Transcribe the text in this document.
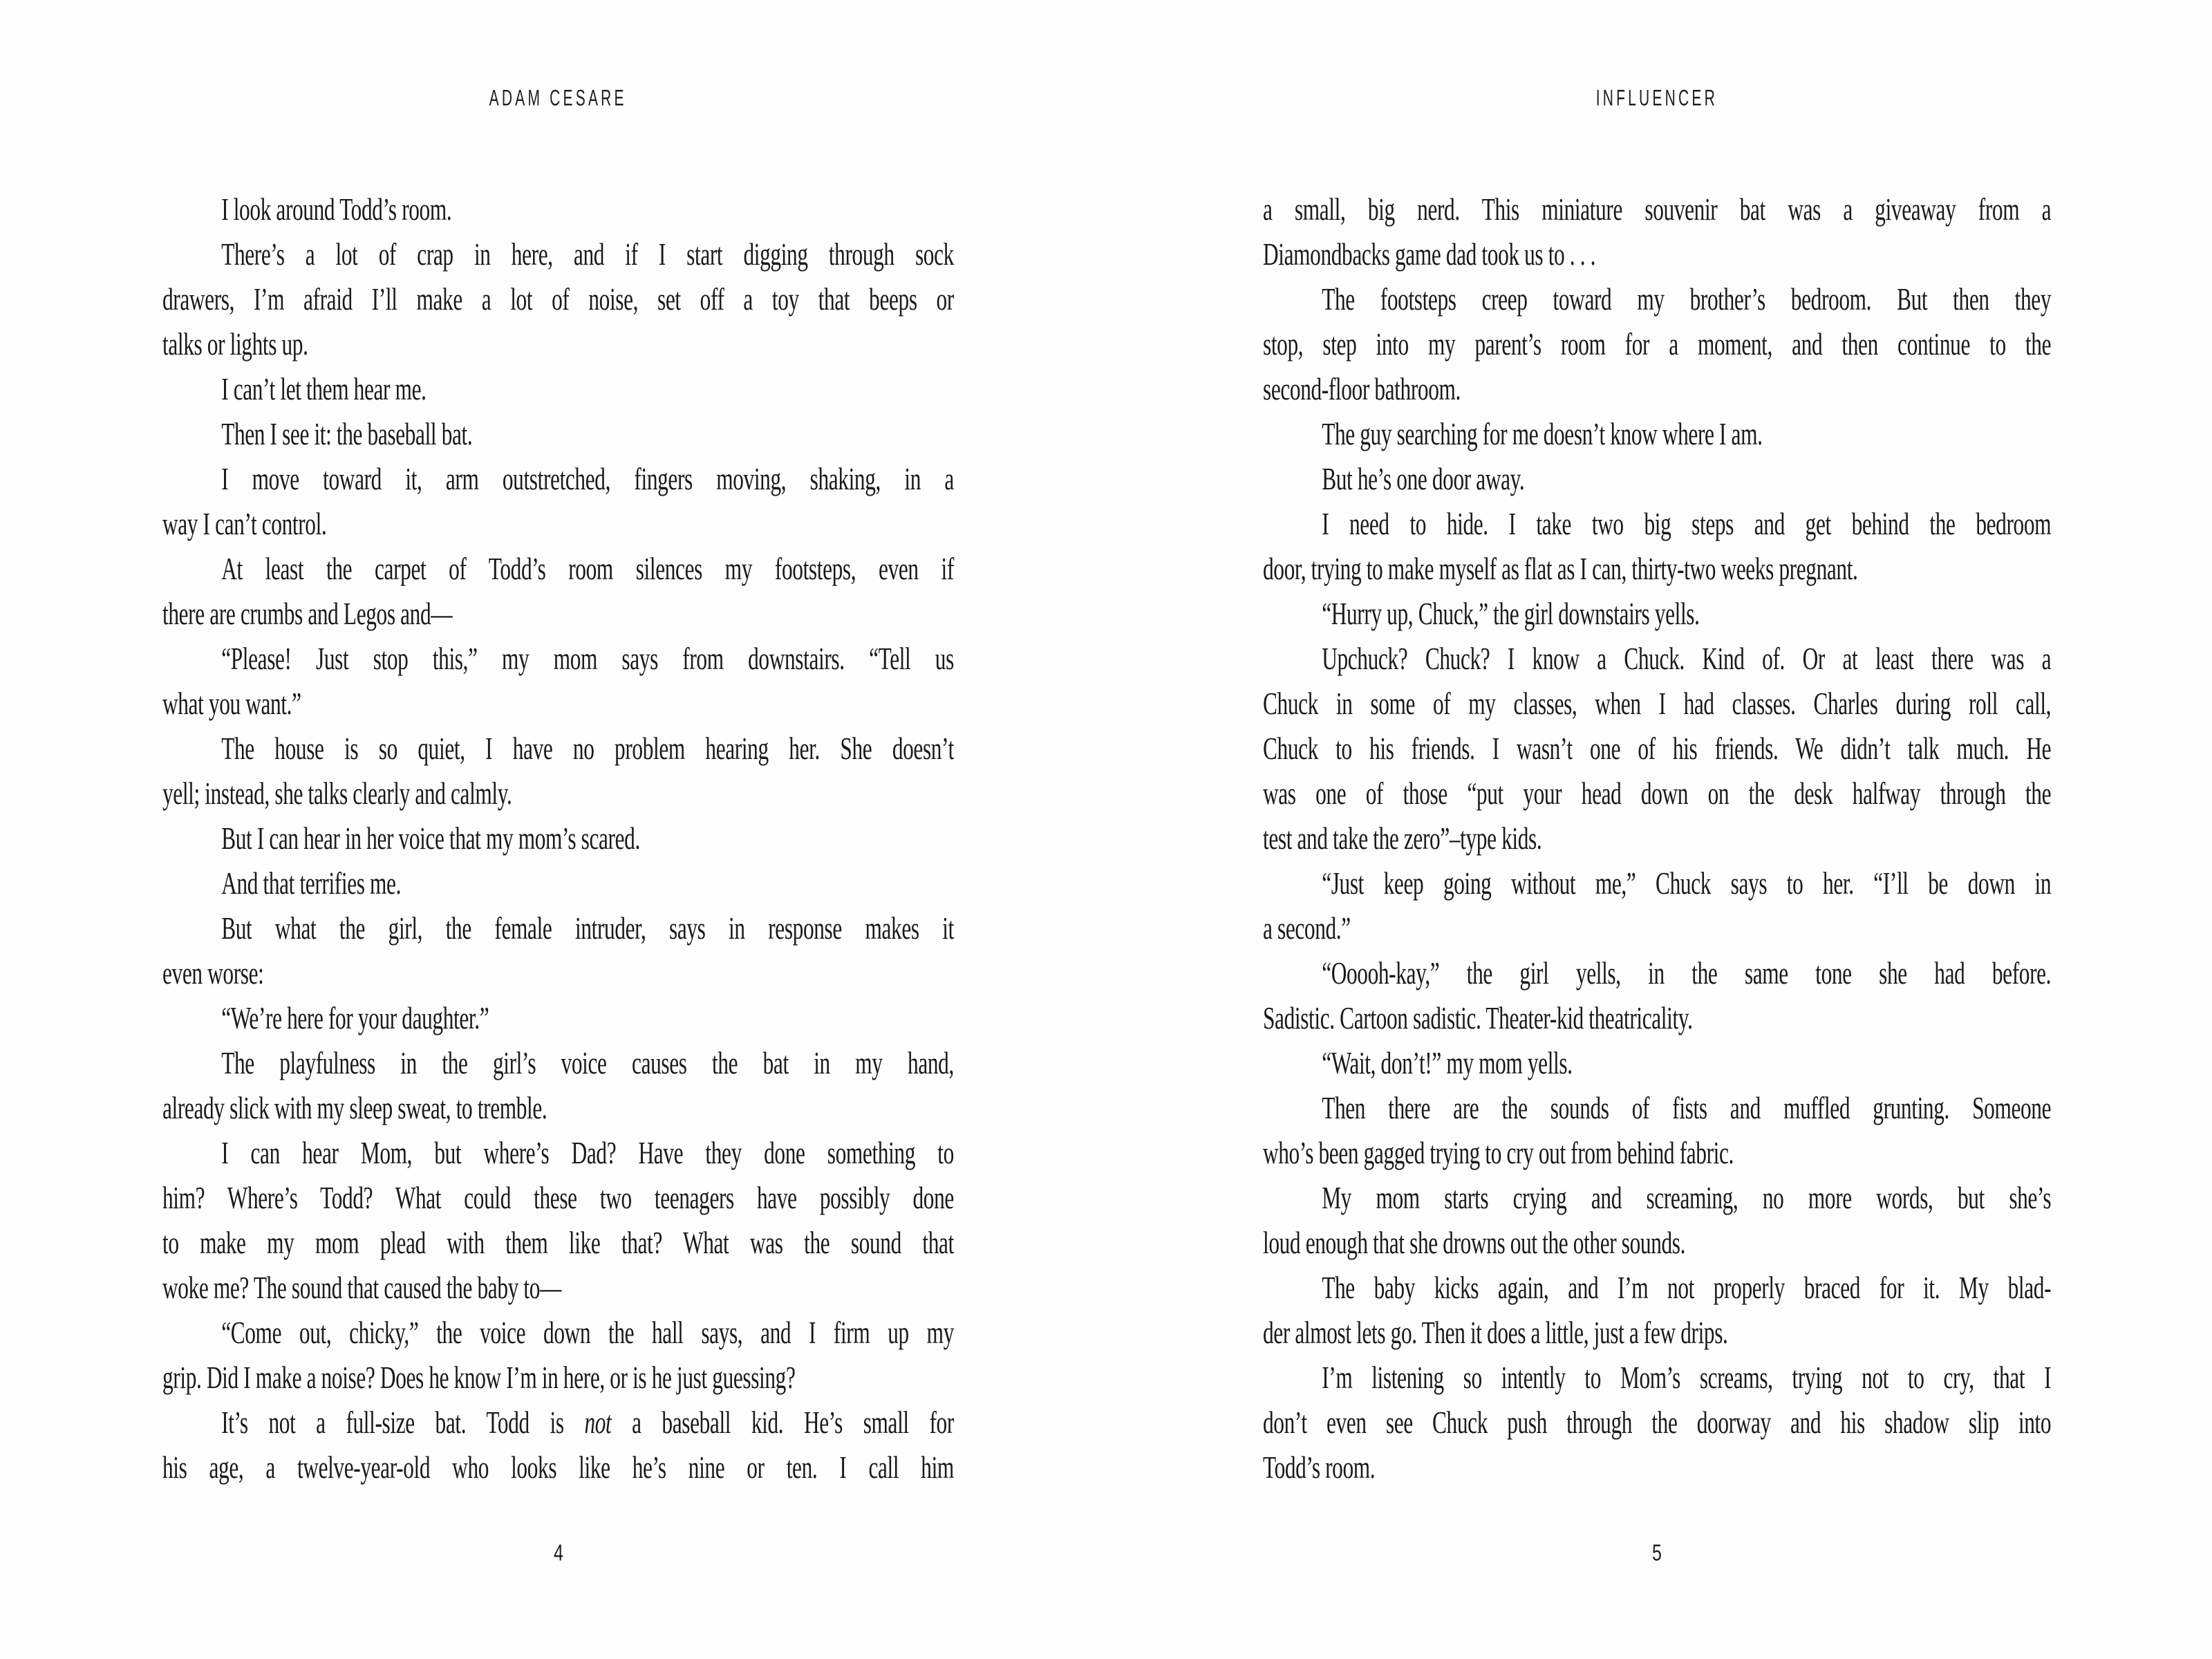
ADAM CESARE
I look around Todd’s room.
There’s a lot of crap in here, and if I start digging through sock
drawers, I’m afraid I’ll make a lot of noise, set off a toy that beeps or
talks or lights up.
I can’t let them hear me.
Then I see it: the baseball bat.
I move toward it, arm outstretched, fingers moving, shaking, in a
way I can’t control.
At least the carpet of Todd’s room silences my footsteps, even if
there are crumbs and Legos and—
“Please! Just stop this,” my mom says from downstairs. “Tell us
what you want.”
The house is so quiet, I have no problem hearing her. She doesn’t
yell; instead, she talks clearly and calmly.
But I can hear in her voice that my mom’s scared.
And that terrifies me.
But what the girl, the female intruder, says in response makes it
even worse:
“We’re here for your daughter.”
The playfulness in the girl’s voice causes the bat in my hand,
already slick with my sleep sweat, to tremble.
I can hear Mom, but where’s Dad? Have they done something to
him? Where’s Todd? What could these two teenagers have possibly done
to make my mom plead with them like that? What was the sound that
woke me? The sound that caused the baby to—
“Come out, chicky,” the voice down the hall says, and I firm up my
grip. Did I make a noise? Does he know I’m in here, or is he just guessing?
It’s not a full-size bat. Todd is not a baseball kid. He’s small for
his age, a twelve-year-old who looks like he’s nine or ten. I call him
4
INFLUENCER
a small, big nerd. This miniature souvenir bat was a giveaway from a
Diamondbacks game dad took us to . . .
The footsteps creep toward my brother’s bedroom. But then they
stop, step into my parent’s room for a moment, and then continue to the
second-floor bathroom.
The guy searching for me doesn’t know where I am.
But he’s one door away.
I need to hide. I take two big steps and get behind the bedroom
door, trying to make myself as flat as I can, thirty-two weeks pregnant.
“Hurry up, Chuck,” the girl downstairs yells.
Upchuck? Chuck? I know a Chuck. Kind of. Or at least there was a
Chuck in some of my classes, when I had classes. Charles during roll call,
Chuck to his friends. I wasn’t one of his friends. We didn’t talk much. He
was one of those “put your head down on the desk halfway through the
test and take the zero”–type kids.
“Just keep going without me,” Chuck says to her. “I’ll be down in
a second.”
“Ooooh-kay,” the girl yells, in the same tone she had before.
Sadistic. Cartoon sadistic. Theater-kid theatricality.
“Wait, don’t!” my mom yells.
Then there are the sounds of fists and muffled grunting. Someone
who’s been gagged trying to cry out from behind fabric.
My mom starts crying and screaming, no more words, but she’s
loud enough that she drowns out the other sounds.
The baby kicks again, and I’m not properly braced for it. My blad-
der almost lets go. Then it does a little, just a few drips.
I’m listening so intently to Mom’s screams, trying not to cry, that I
don’t even see Chuck push through the doorway and his shadow slip into
Todd’s room.
5
